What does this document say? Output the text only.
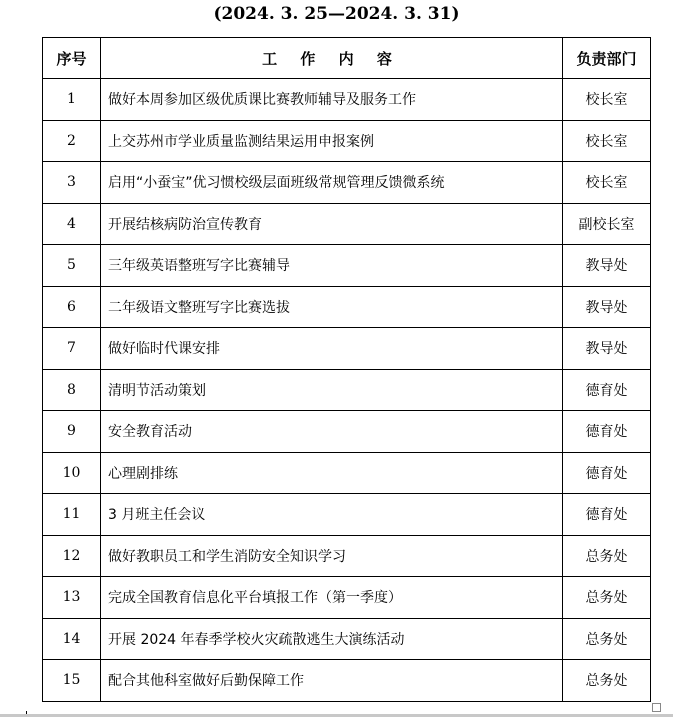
(2024. 3. 25—2024. 3. 31)
序号	工 作 内 容	负责部门
1	做好本周参加区级优质课比赛教师辅导及服务工作	校长室
2	上交苏州市学业质量监测结果运用申报案例	校长室
3	启用“小蚕宝”优习惯校级层面班级常规管理反馈微系统	校长室
4	开展结核病防治宣传教育	副校长室
5	三年级英语整班写字比赛辅导	教导处
6	二年级语文整班写字比赛选拔	教导处
7	做好临时代课安排	教导处
8	清明节活动策划	德育处
9	安全教育活动	德育处
10	心理剧排练	德育处
11	3 月班主任会议	德育处
12	做好教职员工和学生消防安全知识学习	总务处
13	完成全国教育信息化平台填报工作（第一季度）	总务处
14	开展 2024 年春季学校火灾疏散逃生大演练活动	总务处
15	配合其他科室做好后勤保障工作	总务处
